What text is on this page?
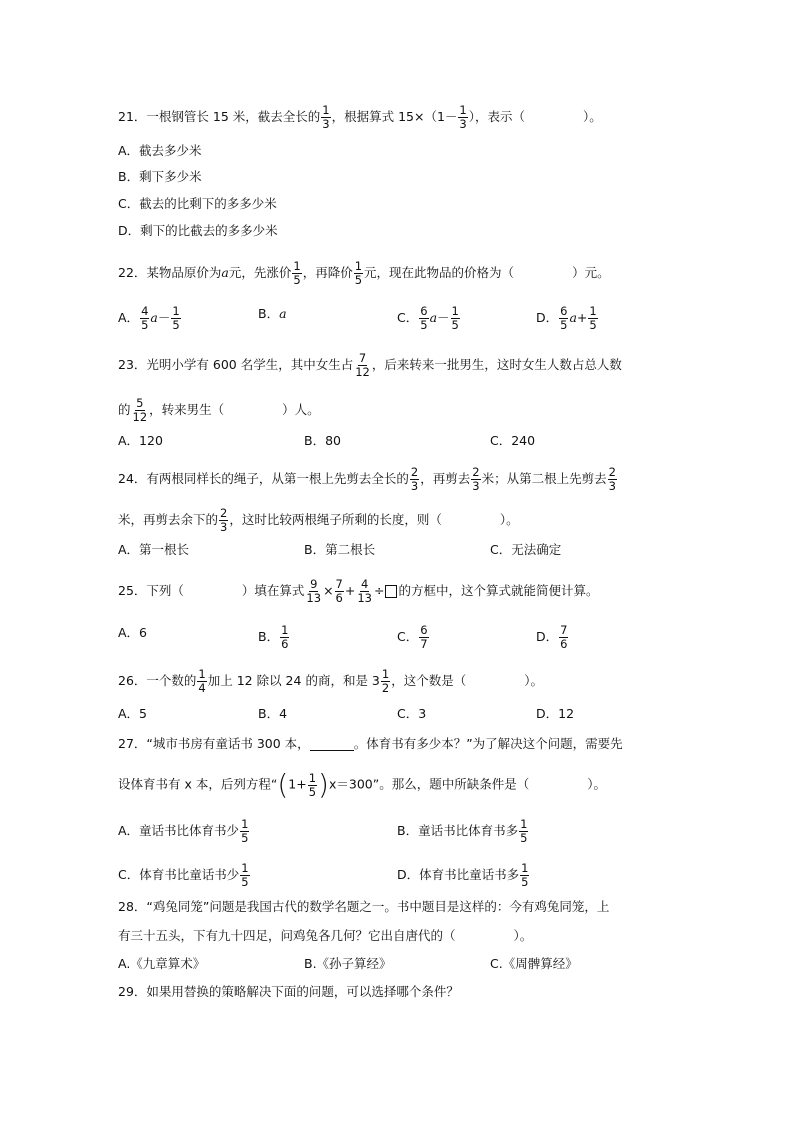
21．一根钢管长 15 米，截去全长的 $\frac{1}{3}$ ，根据算式 $15\times(1- \frac{1}{3}$ ），表示（	）。
A．截去多少米
B．剩下多少米
C．截去的比剩下的多多少米
D．剩下的比截去的多多少米
22．某物品原价为a元，先涨价 $\frac{1}{5}$ ，再降价 $\frac{1}{5}$ 元，现在此物品的价格为（	）元。
A． $\frac{4}{5} a- \frac{1}{5}$	B．a	C． $\frac{6}{5} a- \frac{1}{5}$	D． $\frac{6}{5} a+ \frac{1}{5}$
23．光明小学有 600 名学生，其中女生占 $\frac{7}{12}$ ，后来转来一批男生，这时女生人数占总人数
的 $\frac{5}{12}$ ，转来男生（	）人。
A．120	B．80	C．240
24．有两根同样长的绳子，从第一根上先剪去全长的 $\frac{2}{3}$ ，再剪去 $\frac{2}{3}$ 米；从第二根上先剪去 $\frac{2}{3}$
米，再剪去余下的 $\frac{2}{3}$ ，这时比较两根绳子所剩的长度，则（	）。
A．第一根长	B．第二根长	C．无法确定
25．下列（	）填在算式 $\frac{9}{13} \times \frac{7}{6} + \frac{4}{13}$ ÷ 的方框中，这个算式就能简便计算。
A．6	B． $\frac{1}{6}$	C． $\frac{6}{7}$	D． $\frac{7}{6}$
26．一个数的 $\frac{1}{4}$ 加上 12 除以 24 的商，和是 $3 \frac{1}{2}$ ，这个数是（	）。
A．5	B．4	C．3	D．12
27．“城市书房有童话书 300 本，	。体育书有多少本？”为了解决这个问题，需要先
设体育书有 x 本，后列方程“$(1+ \frac{1}{5} )x=300$”。那么，题中所缺条件是（	）。
A．童话书比体育书少 $\frac{1}{5}$	B．童话书比体育书多 $\frac{1}{5}$
C．体育书比童话书少 $\frac{1}{5}$	D．体育书比童话书多 $\frac{1}{5}$
28．“鸡兔同笼”问题是我国古代的数学名题之一。书中题目是这样的：今有鸡兔同笼，上
有三十五头，下有九十四足，问鸡兔各几何？它出自唐代的（	）。
A.《九章算术》	B.《孙子算经》	C.《周髀算经》
29．如果用替换的策略解决下面的问题，可以选择哪个条件？
